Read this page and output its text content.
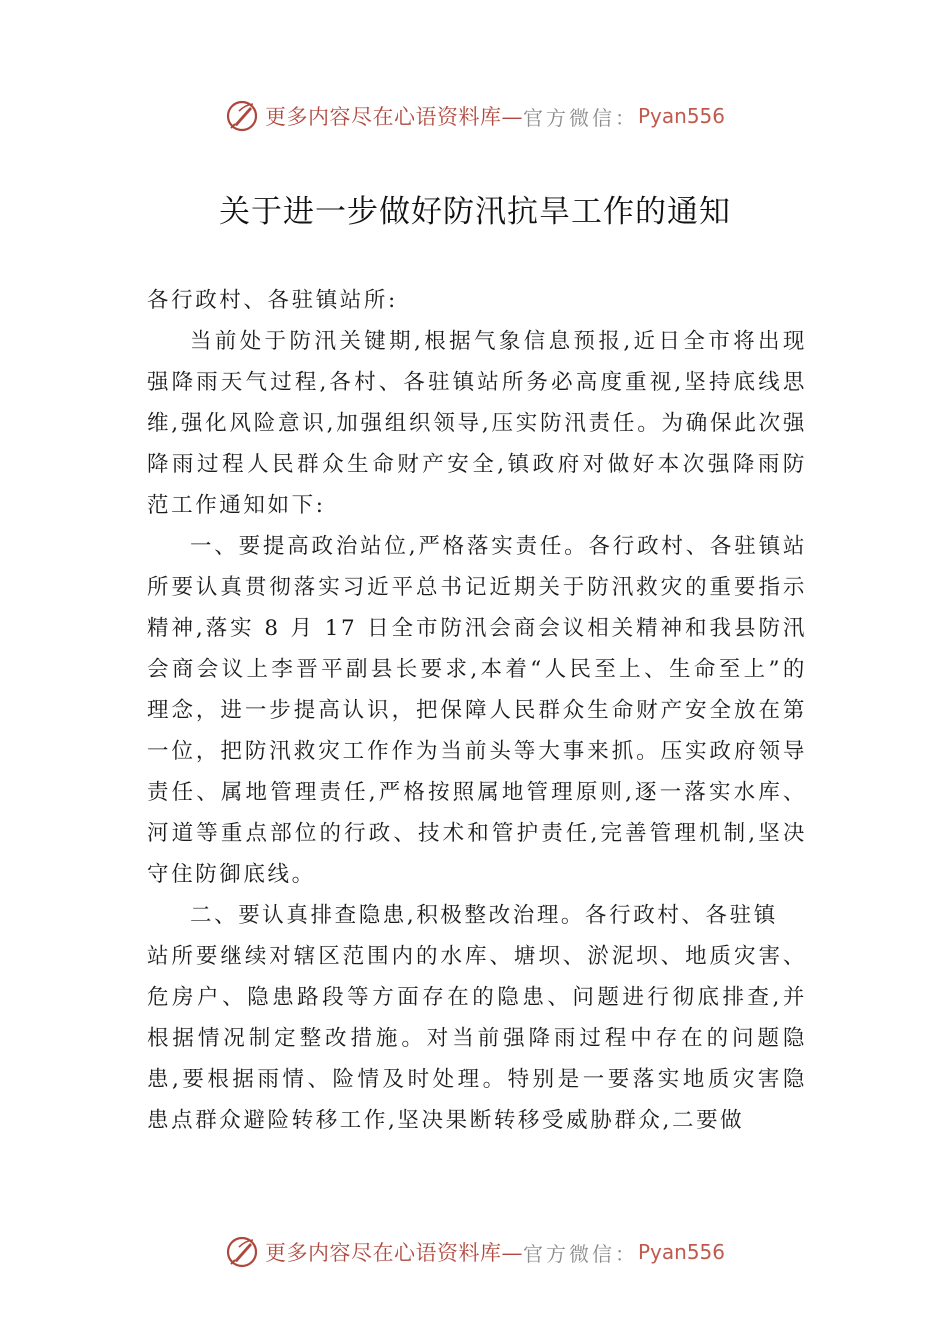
更多内容尽在心语资料库— 官方微信： Pyan556
关于进一步做好防汛抗旱工作的通知

各行政村、各驻镇站所:

当前处于防汛关键期,根据气象信息预报,近日全市将出现强降雨天气过程,各村、各驻镇站所务必高度重视,坚持底线思维,强化风险意识,加强组织领导,压实防汛责任。为确保此次强降雨过程人民群众生命财产安全,镇政府对做好本次强降雨防范工作通知如下:

一、要提高政治站位,严格落实责任。各行政村、各驻镇站所要认真贯彻落实习近平总书记近期关于防汛救灾的重要指示精神,落实 8 月 17 日全市防汛会商会议相关精神和我县防汛会商会议上李晋平副县长要求,本着“人民至上、生命至上”的理念，进一步提高认识，把保障人民群众生命财产安全放在第一位，把防汛救灾工作作为当前头等大事来抓。压实政府领导责任、属地管理责任,严格按照属地管理原则,逐一落实水库、河道等重点部位的行政、技术和管护责任,完善管理机制,坚决守住防御底线。

二、要认真排查隐患,积极整改治理。各行政村、各驻镇

站所要继续对辖区范围内的水库、塘坝、淤泥坝、地质灾害、 危房户、隐患路段等方面存在的隐患、问题进行彻底排查,并根据情况制定整改措施。对当前强降雨过程中存在的问题隐患,要根据雨情、险情及时处理。特别是一要落实地质灾害隐患点群众避险转移工作,坚决果断转移受威胁群众,二要做

更多内容尽在心语资料库— 官方微信： Pyan556
